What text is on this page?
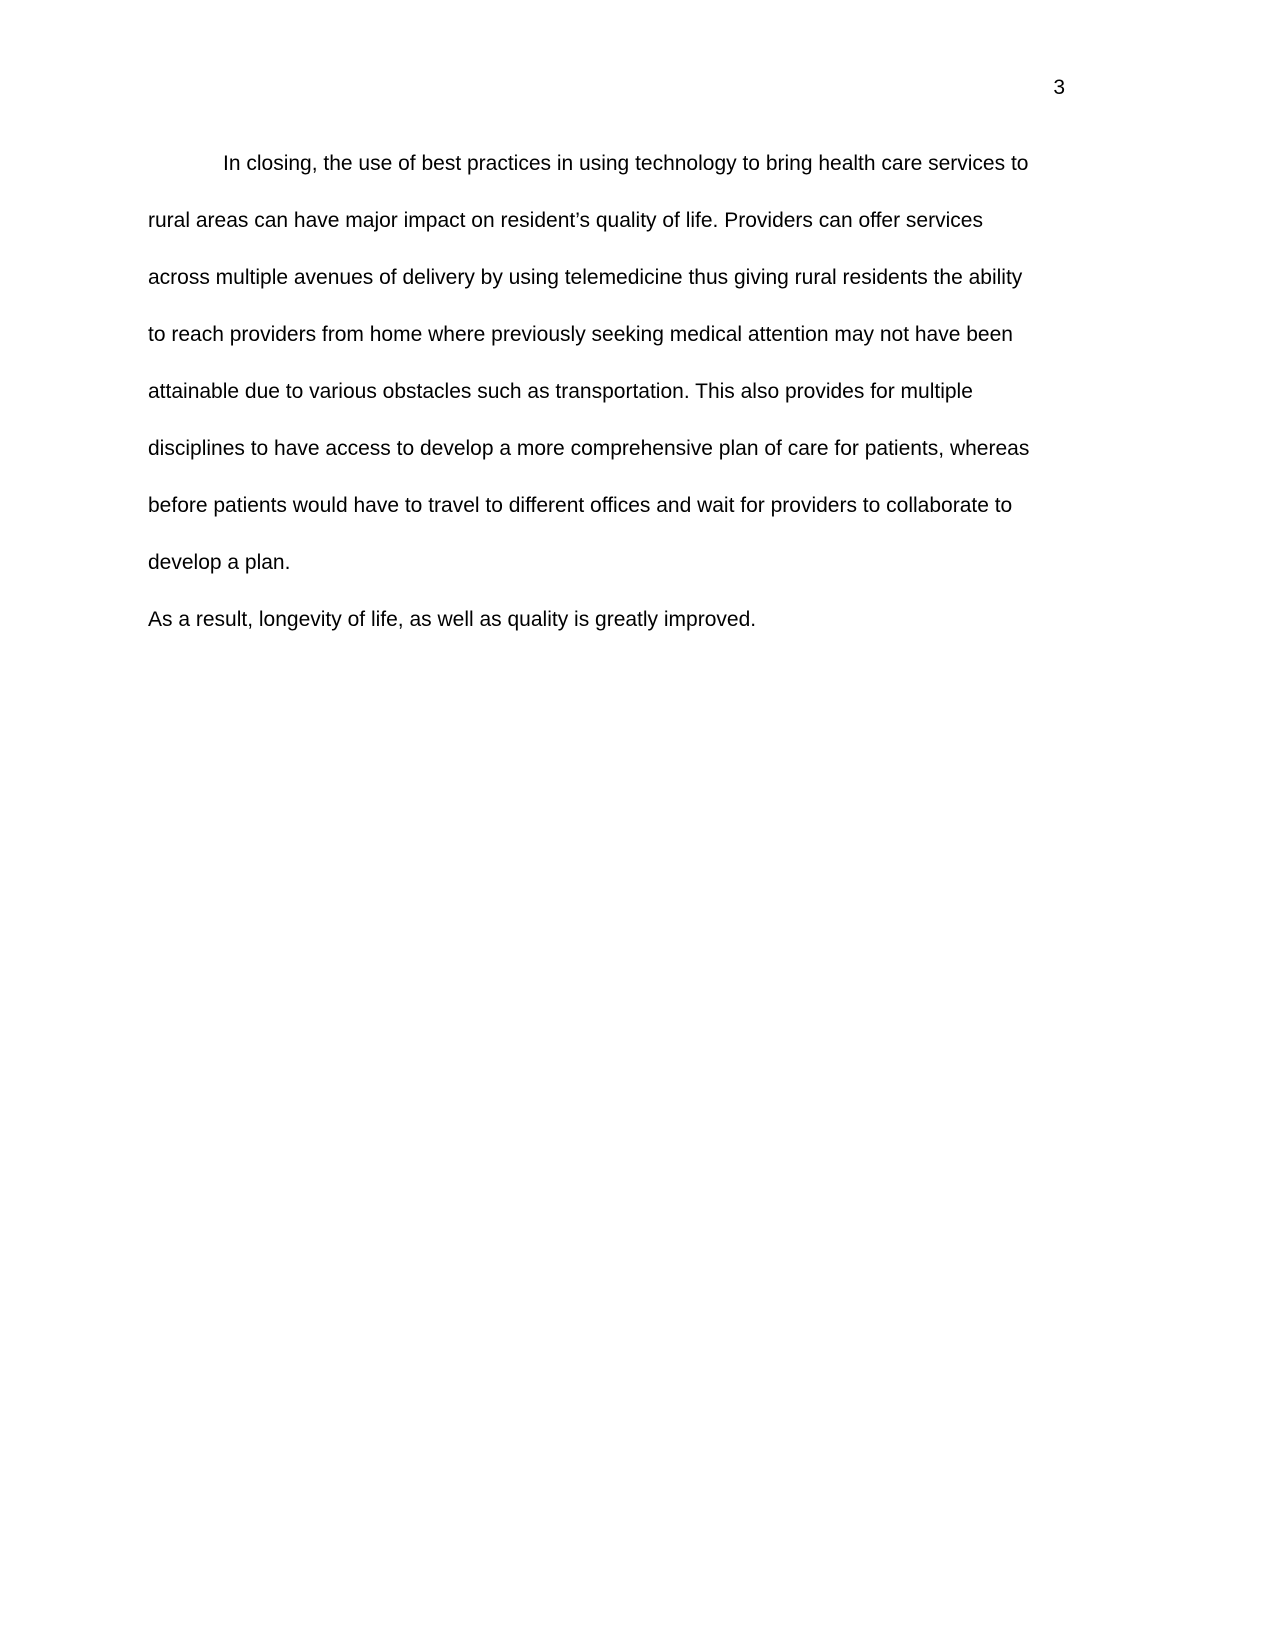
3
In closing, the use of best practices in using technology to bring health care services to
rural areas can have major impact on resident’s quality of life. Providers can offer services
across multiple avenues of delivery by using telemedicine thus giving rural residents the ability
to reach providers from home where previously seeking medical attention may not have been
attainable due to various obstacles such as transportation. This also provides for multiple
disciplines to have access to develop a more comprehensive plan of care for patients, whereas
before patients would have to travel to different offices and wait for providers to collaborate to
develop a plan.
As a result, longevity of life, as well as quality is greatly improved.
